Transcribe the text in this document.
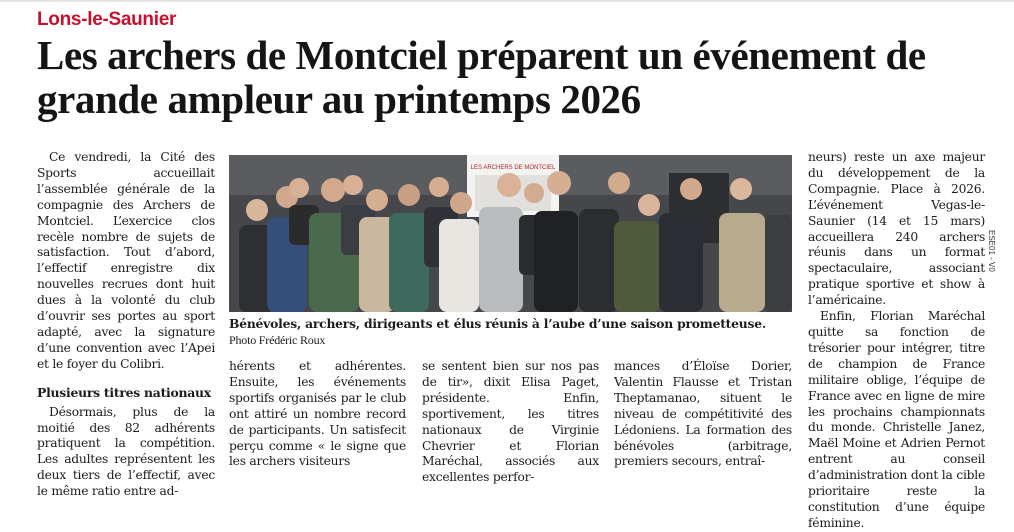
Lons-le-Saunier
Les archers de Montciel préparent un événement de grande ampleur au printemps 2026

Ce vendredi, la Cité des Sports accueillait l’assemblée générale de la compagnie des Archers de Montciel. L’exercice clos recèle nombre de sujets de satisfaction. Tout d’abord, l’effectif enregistre dix nouvelles recrues dont huit dues à la volonté du club d’ouvrir ses portes au sport adapté, avec la signature d’une convention avec l’Apei et le foyer du Colibri.

Plusieurs titres nationaux

Désormais, plus de la moitié des 82 adhérents pratiquent la compétition. Les adultes représentent les deux tiers de l’effectif, avec le même ratio entre ad-

LES ARCHERS DE MONTCIEL
Bénévoles, archers, dirigeants et élus réunis à l’aube d’une saison prometteuse. Photo Frédéric Roux

hérents et adhérentes. Ensuite, les événements sportifs organisés par le club ont attiré un nombre record de participants. Un satisfecit perçu comme « le signe que les archers visiteurs

se sentent bien sur nos pas de tir», dixit Elisa Paget, présidente. Enfin, sportivement, les titres nationaux de Virginie Chevrier et Florian Maréchal, associés aux excellentes perfor-

mances d’Éloïse Dorier, Valentin Flausse et Tristan Theptamanao, situent le niveau de compétitivité des Lédoniens. La formation des bénévoles (arbitrage, premiers secours, entraî-

neurs) reste un axe majeur du développement de la Compagnie. Place à 2026. L’événement Vegas-le-Saunier (14 et 15 mars) accueillera 240 archers réunis dans un format spectaculaire, associant pratique sportive et show à l’américaine.

Enfin, Florian Maréchal quitte sa fonction de trésorier pour intégrer, titre de champion de France militaire oblige, l’équipe de France avec en ligne de mire les prochains championnats du monde. Christelle Janez, Maël Moine et Adrien Pernot entrent au conseil d’administration dont la cible prioritaire reste la constitution d’une équipe féminine.

ESE01 - V0
